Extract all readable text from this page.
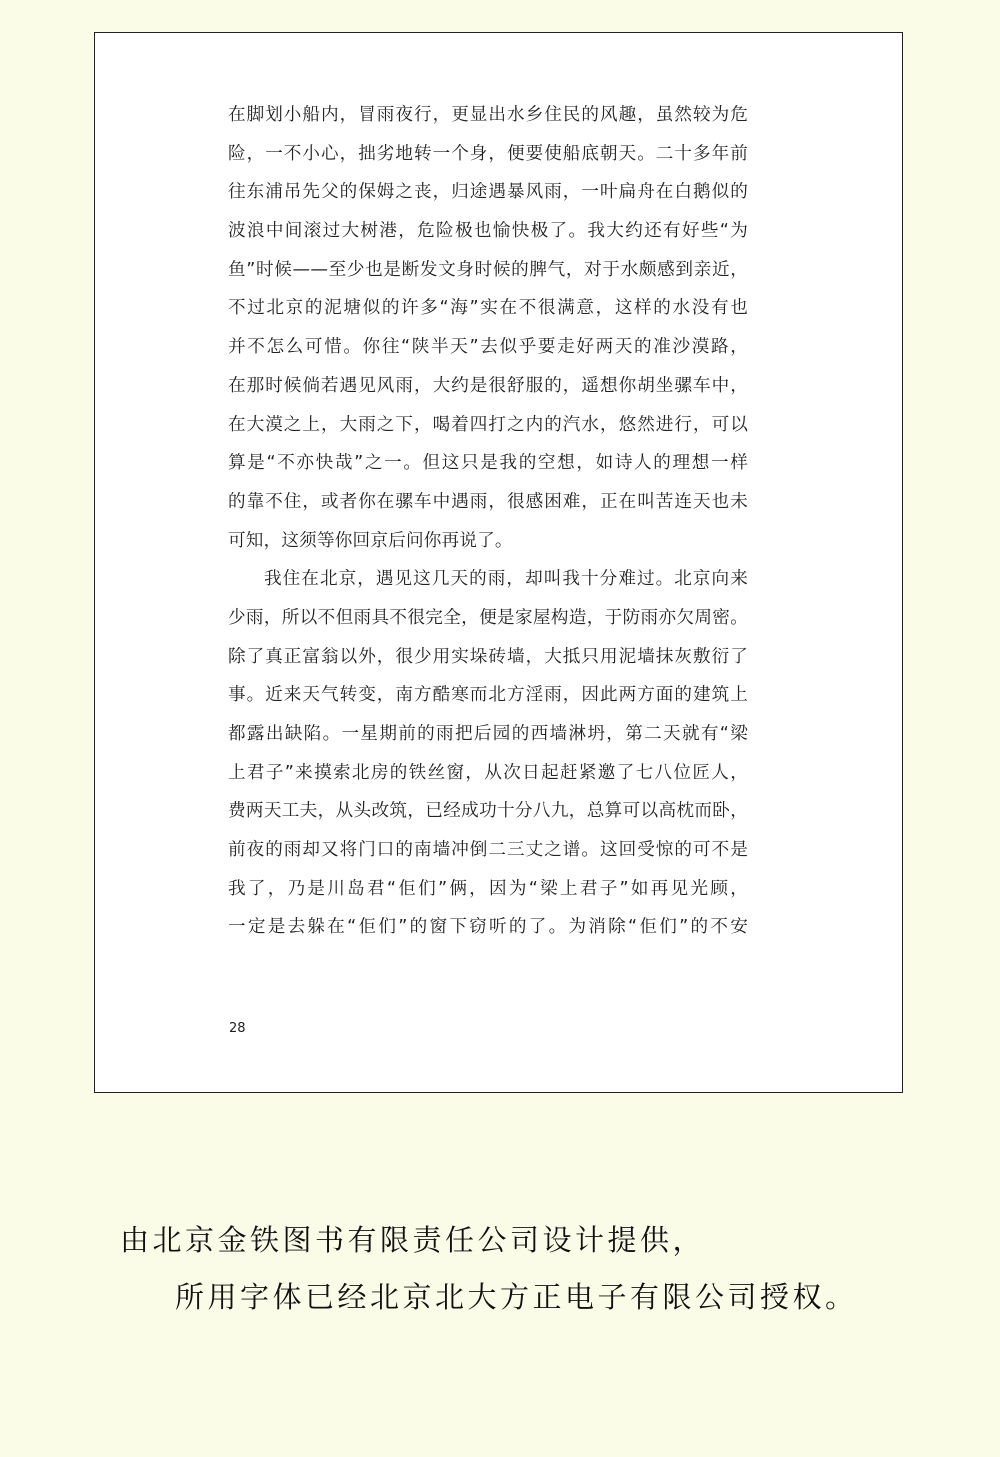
在脚划小船内，冒雨夜行，更显出水乡住民的风趣，虽然较为危
险，一不小心，拙劣地转一个身，便要使船底朝天。二十多年前
往东浦吊先父的保姆之丧，归途遇暴风雨，一叶扁舟在白鹅似的
波浪中间滚过大树港，危险极也愉快极了。我大约还有好些“为
鱼”时候——至少也是断发文身时候的脾气，对于水颇感到亲近，
不过北京的泥塘似的许多“海”实在不很满意，这样的水没有也
并不怎么可惜。你往“陕半天”去似乎要走好两天的准沙漠路，
在那时候倘若遇见风雨，大约是很舒服的，遥想你胡坐骡车中，
在大漠之上，大雨之下，喝着四打之内的汽水，悠然进行，可以
算是“不亦快哉”之一。但这只是我的空想，如诗人的理想一样
的靠不住，或者你在骡车中遇雨，很感困难，正在叫苦连天也未
可知，这须等你回京后问你再说了。
我住在北京，遇见这几天的雨，却叫我十分难过。北京向来
少雨，所以不但雨具不很完全，便是家屋构造，于防雨亦欠周密。
除了真正富翁以外，很少用实垛砖墙，大抵只用泥墙抹灰敷衍了
事。近来天气转变，南方酷寒而北方淫雨，因此两方面的建筑上
都露出缺陷。一星期前的雨把后园的西墙淋坍，第二天就有“梁
上君子”来摸索北房的铁丝窗，从次日起赶紧邀了七八位匠人，
费两天工夫，从头改筑，已经成功十分八九，总算可以高枕而卧，
前夜的雨却又将门口的南墙冲倒二三丈之谱。这回受惊的可不是
我了，乃是川岛君“佢们”俩，因为“梁上君子”如再见光顾，
一定是去躲在“佢们”的窗下窃听的了。为消除“佢们”的不安
28
由北京金铁图书有限责任公司设计提供，
所用字体已经北京北大方正电子有限公司授权。
